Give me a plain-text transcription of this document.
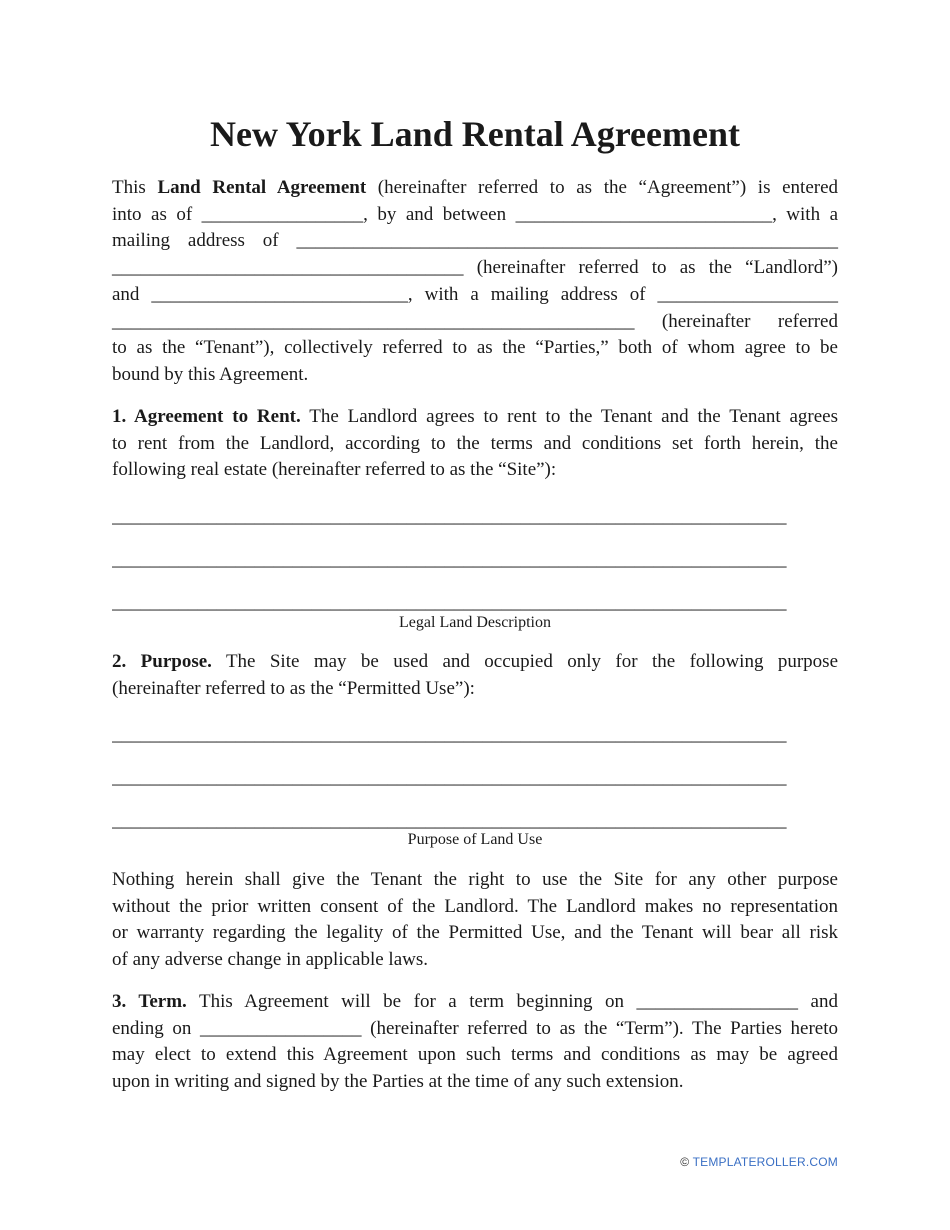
New York Land Rental Agreement
This Land Rental Agreement (hereinafter referred to as the “Agreement”) is entered
into as of _________________, by and between ___________________________, with a
mailing address of _________________________________________________________
_____________________________________ (hereinafter referred to as the “Landlord”)
and ___________________________, with a mailing address of ___________________
_______________________________________________________ (hereinafter referred
to as the “Tenant”), collectively referred to as the “Parties,” both of whom agree to be
bound by this Agreement.
1. Agreement to Rent. The Landlord agrees to rent to the Tenant and the Tenant agrees
to rent from the Landlord, according to the terms and conditions set forth herein, the
following real estate (hereinafter referred to as the “Site”):
_______________________________________________________________________
_______________________________________________________________________
_______________________________________________________________________
Legal Land Description
2. Purpose. The Site may be used and occupied only for the following purpose
(hereinafter referred to as the “Permitted Use”):
_______________________________________________________________________
_______________________________________________________________________
_______________________________________________________________________
Purpose of Land Use
Nothing herein shall give the Tenant the right to use the Site for any other purpose
without the prior written consent of the Landlord. The Landlord makes no representation
or warranty regarding the legality of the Permitted Use, and the Tenant will bear all risk
of any adverse change in applicable laws.
3. Term. This Agreement will be for a term beginning on _________________ and
ending on _________________ (hereinafter referred to as the “Term”). The Parties hereto
may elect to extend this Agreement upon such terms and conditions as may be agreed
upon in writing and signed by the Parties at the time of any such extension.
© TEMPLATEROLLER.COM
